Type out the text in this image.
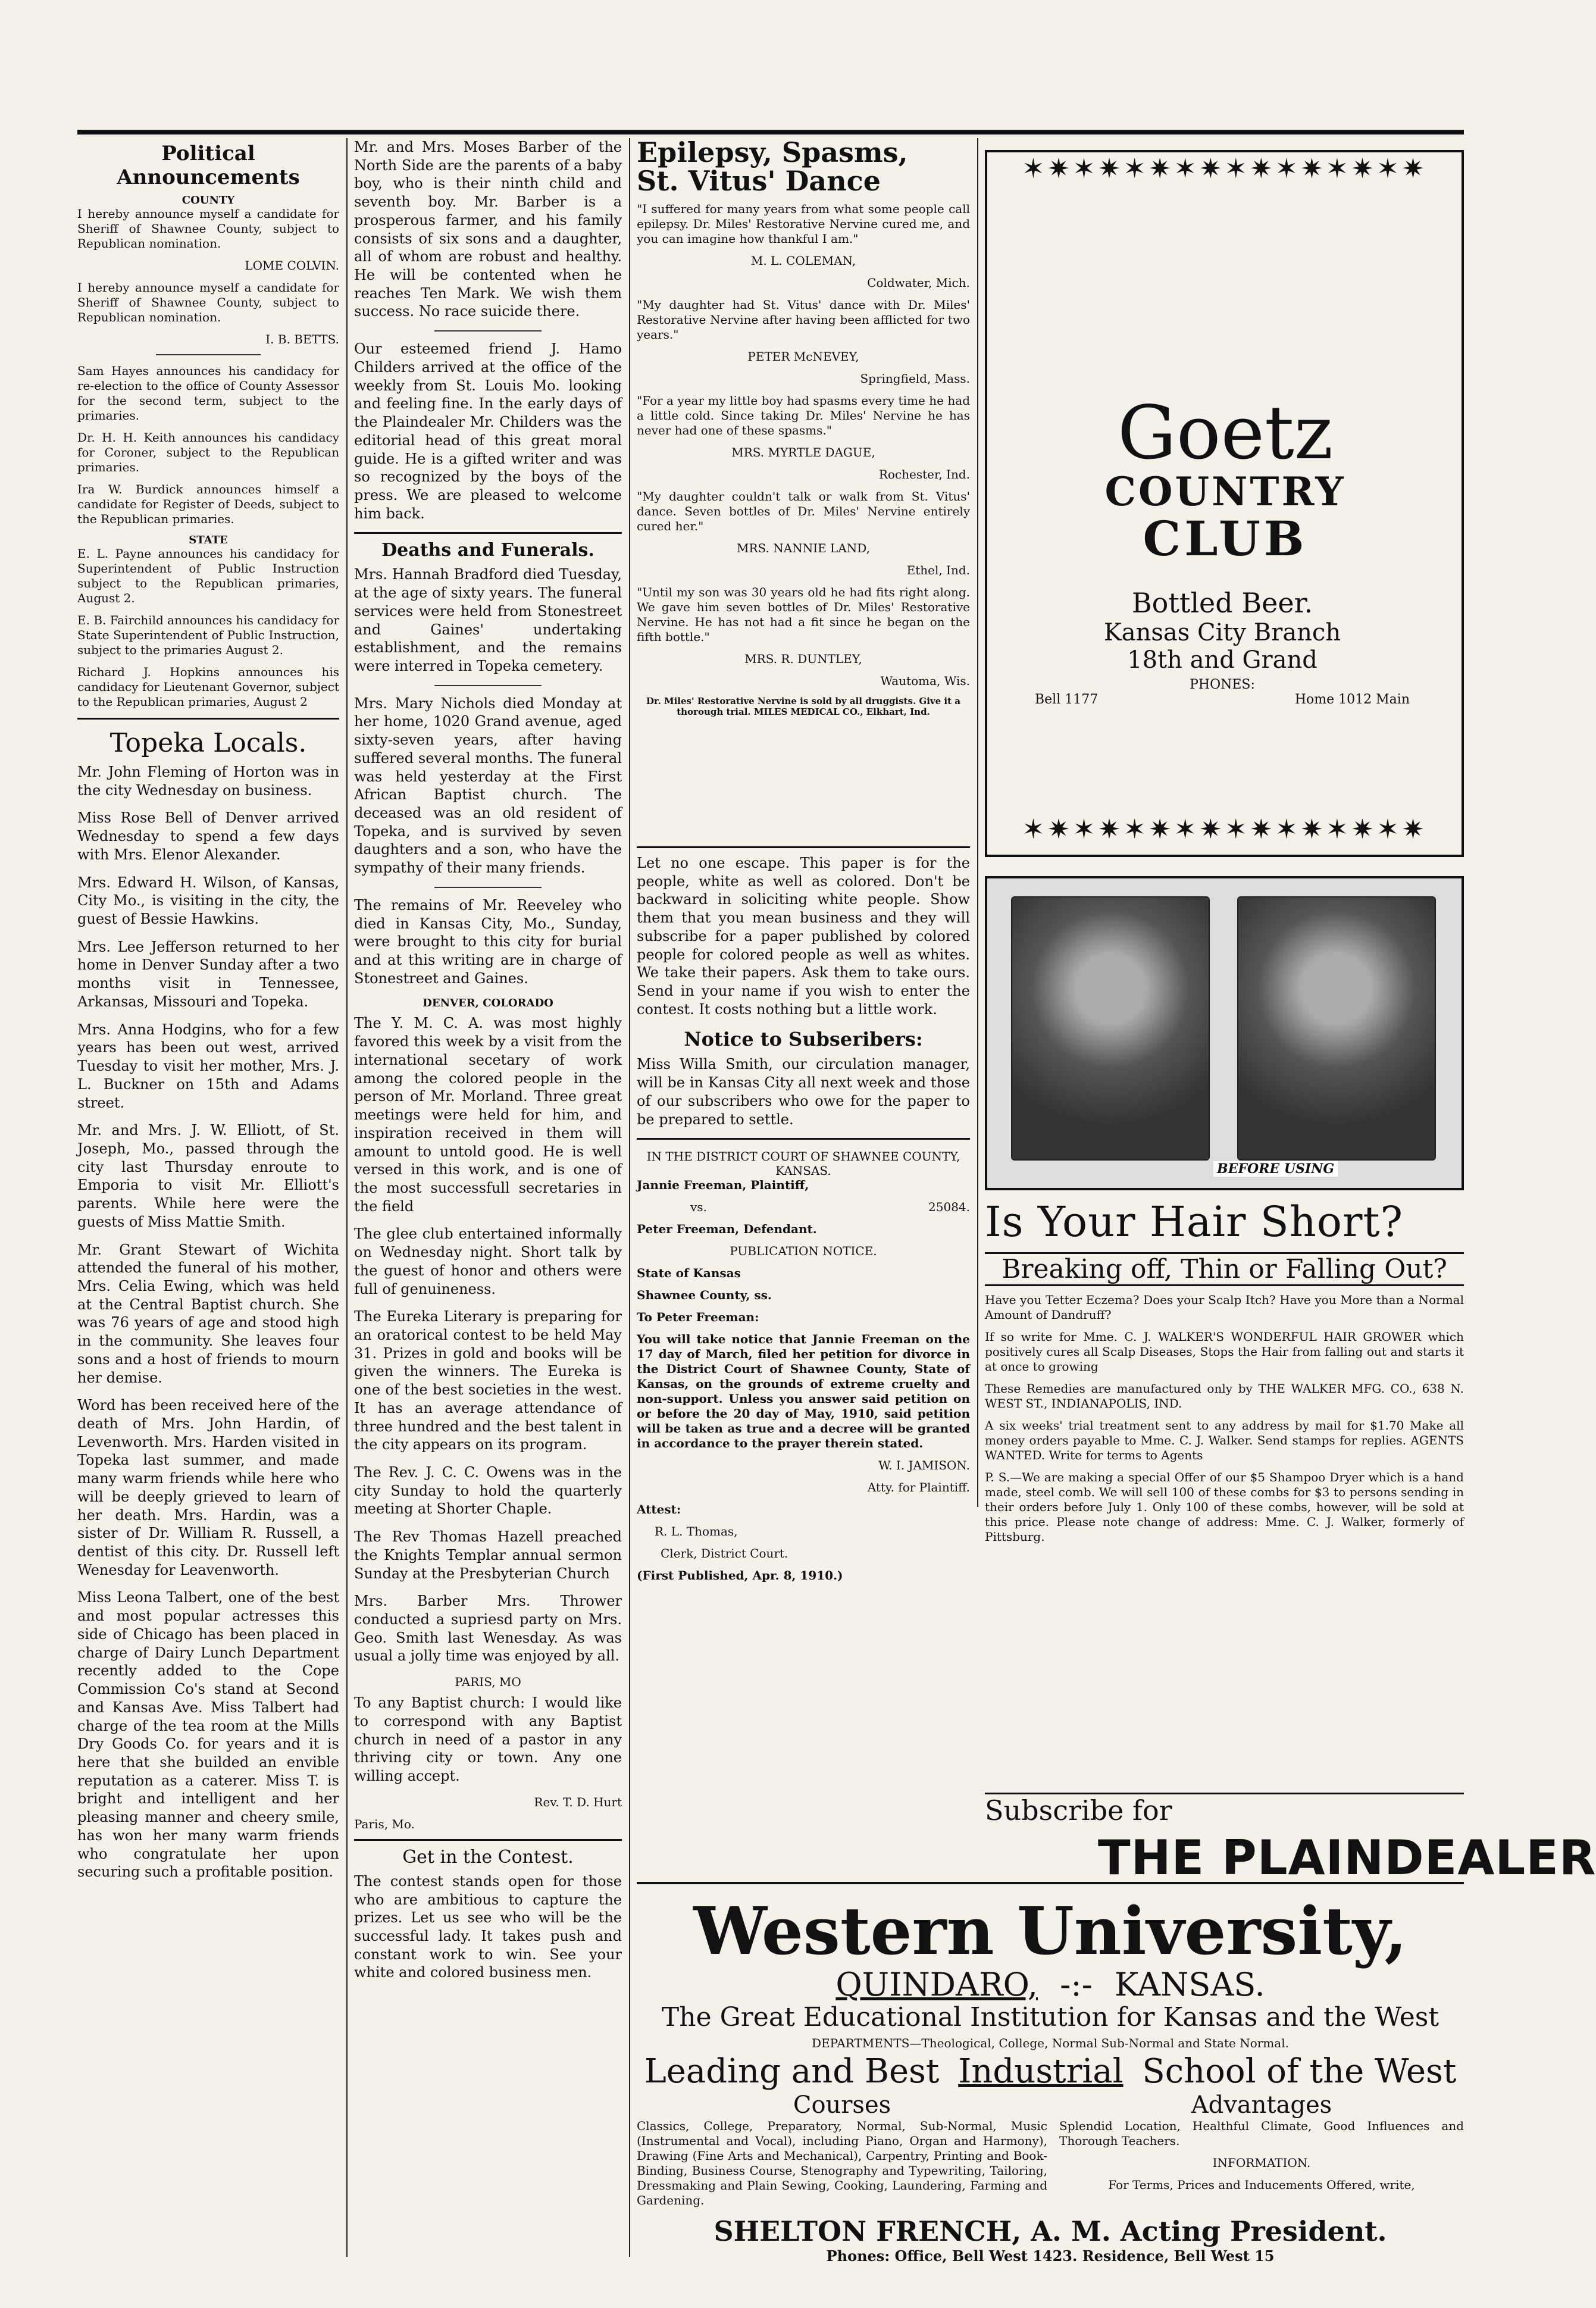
Political Announcements
COUNTY

I hereby announce myself a candidate for Sheriff of Shawnee County, subject to Republican nomination.

LOME COLVIN.

I hereby announce myself a candidate for Sheriff of Shawnee County, subject to Republican nomination.

I. B. BETTS.

Sam Hayes announces his candidacy for re-election to the office of County Assessor for the second term, subject to the primaries.

Dr. H. H. Keith announces his candidacy for Coroner, subject to the Republican primaries.

Ira W. Burdick announces himself a candidate for Register of Deeds, subject to the Republican primaries.

STATE

E. L. Payne announces his candidacy for Superintendent of Public Instruction subject to the Republican primaries, August 2.

E. B. Fairchild announces his candidacy for State Superintendent of Public Instruction, subject to the primaries August 2.

Richard J. Hopkins announces his candidacy for Lieutenant Governor, subject to the Republican primaries, August 2

Topeka Locals.

Mr. John Fleming of Horton was in the city Wednesday on business.

Miss Rose Bell of Denver arrived Wednesday to spend a few days with Mrs. Elenor Alexander.

Mrs. Edward H. Wilson, of Kansas, City Mo., is visiting in the city, the guest of Bessie Hawkins.

Mrs. Lee Jefferson returned to her home in Denver Sunday after a two months visit in Tennessee, Arkansas, Missouri and Topeka.

Mrs. Anna Hodgins, who for a few years has been out west, arrived Tuesday to visit her mother, Mrs. J. L. Buckner on 15th and Adams street.

Mr. and Mrs. J. W. Elliott, of St. Joseph, Mo., passed through the city last Thursday enroute to Emporia to visit Mr. Elliott's parents. While here were the guests of Miss Mattie Smith.

Mr. Grant Stewart of Wichita attended the funeral of his mother, Mrs. Celia Ewing, which was held at the Central Baptist church. She was 76 years of age and stood high in the community. She leaves four sons and a host of friends to mourn her demise.

Word has been received here of the death of Mrs. John Hardin, of Levenworth. Mrs. Harden visited in Topeka last summer, and made many warm friends while here who will be deeply grieved to learn of her death. Mrs. Hardin, was a sister of Dr. William R. Russell, a dentist of this city. Dr. Russell left Wenesday for Leavenworth.

Miss Leona Talbert, one of the best and most popular actresses this side of Chicago has been placed in charge of Dairy Lunch Department recently added to the Cope Commission Co's stand at Second and Kansas Ave. Miss Talbert had charge of the tea room at the Mills Dry Goods Co. for years and it is here that she builded an envible reputation as a caterer. Miss T. is bright and intelligent and her pleasing manner and cheery smile, has won her many warm friends who congratulate her upon securing such a profitable position.

Mr. and Mrs. Moses Barber of the North Side are the parents of a baby boy, who is their ninth child and seventh boy. Mr. Barber is a prosperous farmer, and his family consists of six sons and a daughter, all of whom are robust and healthy. He will be contented when he reaches Ten Mark. We wish them success. No race suicide there.

Our esteemed friend J. Hamo Childers arrived at the office of the weekly from St. Louis Mo. looking and feeling fine. In the early days of the Plaindealer Mr. Childers was the editorial head of this great moral guide. He is a gifted writer and was so recognized by the boys of the press. We are pleased to welcome him back.

Deaths and Funerals.

Mrs. Hannah Bradford died Tuesday, at the age of sixty years. The funeral services were held from Stonestreet and Gaines' undertaking establishment, and the remains were interred in Topeka cemetery.

Mrs. Mary Nichols died Monday at her home, 1020 Grand avenue, aged sixty-seven years, after having suffered several months. The funeral was held yesterday at the First African Baptist church. The deceased was an old resident of Topeka, and is survived by seven daughters and a son, who have the sympathy of their many friends.

The remains of Mr. Reeveley who died in Kansas City, Mo., Sunday, were brought to this city for burial and at this writing are in charge of Stonestreet and Gaines.

DENVER, COLORADO

The Y. M. C. A. was most highly favored this week by a visit from the international secetary of work among the colored people in the person of Mr. Morland. Three great meetings were held for him, and inspiration received in them will amount to untold good. He is well versed in this work, and is one of the most successfull secretaries in the field

The glee club entertained informally on Wednesday night. Short talk by the guest of honor and others were full of genuineness.

The Eureka Literary is preparing for an oratorical contest to be held May 31. Prizes in gold and books will be given the winners. The Eureka is one of the best societies in the west. It has an average attendance of three hundred and the best talent in the city appears on its program.

The Rev. J. C. C. Owens was in the city Sunday to hold the quarterly meeting at Shorter Chaple.

The Rev Thomas Hazell preached the Knights Templar annual sermon Sunday at the Presbyterian Church

Mrs. Barber Mrs. Thrower conducted a supriesd party on Mrs. Geo. Smith last Wenesday. As was usual a jolly time was enjoyed by all.

PARIS, MO

To any Baptist church: I would like to correspond with any Baptist church in need of a pastor in any thriving city or town. Any one willing accept.

Rev. T. D. Hurt
Paris, Mo.
Get in the Contest.

The contest stands open for those who are ambitious to capture the prizes. Let us see who will be the successful lady. It takes push and constant work to win. See your white and colored business men.

Epilepsy, Spasms,
St. Vitus' Dance

"I suffered for many years from what some people call epilepsy. Dr. Miles' Restorative Nervine cured me, and you can imagine how thankful I am."

M. L. COLEMAN,
Coldwater, Mich.

"My daughter had St. Vitus' dance with Dr. Miles' Restorative Nervine after having been afflicted for two years."

PETER McNEVEY,
Springfield, Mass.

"For a year my little boy had spasms every time he had a little cold. Since taking Dr. Miles' Nervine he has never had one of these spasms."

MRS. MYRTLE DAGUE,
Rochester, Ind.

"My daughter couldn't talk or walk from St. Vitus' dance. Seven bottles of Dr. Miles' Nervine entirely cured her."

MRS. NANNIE LAND,
Ethel, Ind.

"Until my son was 30 years old he had fits right along. We gave him seven bottles of Dr. Miles' Restorative Nervine. He has not had a fit since he began on the fifth bottle."

MRS. R. DUNTLEY,
Wautoma, Wis.
Dr. Miles' Restorative Nervine is sold by all druggists. Give it a thorough trial. MILES MEDICAL CO., Elkhart, Ind.

Let no one escape. This paper is for the people, white as well as colored. Don't be backward in soliciting white people. Show them that you mean business and they will subscribe for a paper published by colored people for colored people as well as whites. We take their papers. Ask them to take ours. Send in your name if you wish to enter the contest. It costs nothing but a little work.

Notice to Subseribers:

Miss Willa Smith, our circulation manager, will be in Kansas City all next week and those of our subscribers who owe for the paper to be prepared to settle.

IN THE DISTRICT COURT OF SHAWNEE COUNTY, KANSAS.
Jannie Freeman, Plaintiff,
vs.	25084.
Peter Freeman, Defendant.
PUBLICATION NOTICE.
State of Kansas
Shawnee County, ss.
To Peter Freeman:

You will take notice that Jannie Freeman on the 17 day of March, filed her petition for divorce in the District Court of Shawnee County, State of Kansas, on the grounds of extreme cruelty and non-support. Unless you answer said petition on or before the 20 day of May, 1910, said petition will be taken as true and a decree will be granted in accordance to the prayer therein stated.

W. I. JAMISON.
Atty. for Plaintiff.
Attest:
R. L. Thomas,
Clerk, District Court.
(First Published, Apr. 8, 1910.)
✶✷✶✷✶✷✶✷✶✷✶✷✶✷✶✷
✶✷✶✷✶✷✶✷✶✷✶✷✶✷✶✷
Goetz
COUNTRY
CLUB
Bottled Beer.
Kansas City Branch
18th and Grand
PHONES:
Bell 1177	Home 1012 Main
BEFORE USING
Is Your Hair Short?
Breaking off, Thin or Falling Out?

Have you Tetter Eczema? Does your Scalp Itch? Have you More than a Normal Amount of Dandruff?

If so write for Mme. C. J. WALKER'S WONDERFUL HAIR GROWER which positively cures all Scalp Diseases, Stops the Hair from falling out and starts it at once to growing

These Remedies are manufactured only by THE WALKER MFG. CO., 638 N. WEST ST., INDIANAPOLIS, IND.

A six weeks' trial treatment sent to any address by mail for $1.70 Make all money orders payable to Mme. C. J. Walker. Send stamps for replies. AGENTS WANTED. Write for terms to Agents

P. S.—We are making a special Offer of our $5 Shampoo Dryer which is a hand made, steel comb. We will sell 100 of these combs for $3 to persons sending in their orders before July 1. Only 100 of these combs, however, will be sold at this price. Please note change of address: Mme. C. J. Walker, formerly of Pittsburg.

Subscribe for
THE PLAINDEALER
Western University,
QUINDARO, -:- KANSAS.
The Great Educational Institution for Kansas and the West
DEPARTMENTS—Theological, College, Normal Sub-Normal and State Normal.
Leading and Best Industrial School of the West
Courses

Classics, College, Preparatory, Normal, Sub-Normal, Music (Instrumental and Vocal), including Piano, Organ and Harmony), Drawing (Fine Arts and Mechanical), Carpentry, Printing and Book-Binding, Business Course, Stenography and Typewriting, Tailoring, Dressmaking and Plain Sewing, Cooking, Laundering, Farming and Gardening.

Advantages

Splendid Location, Healthful Climate, Good Influences and Thorough Teachers.

INFORMATION.

For Terms, Prices and Inducements Offered, write,

SHELTON FRENCH, A. M. Acting President.
Phones: Office, Bell West 1423. Residence, Bell West 15
